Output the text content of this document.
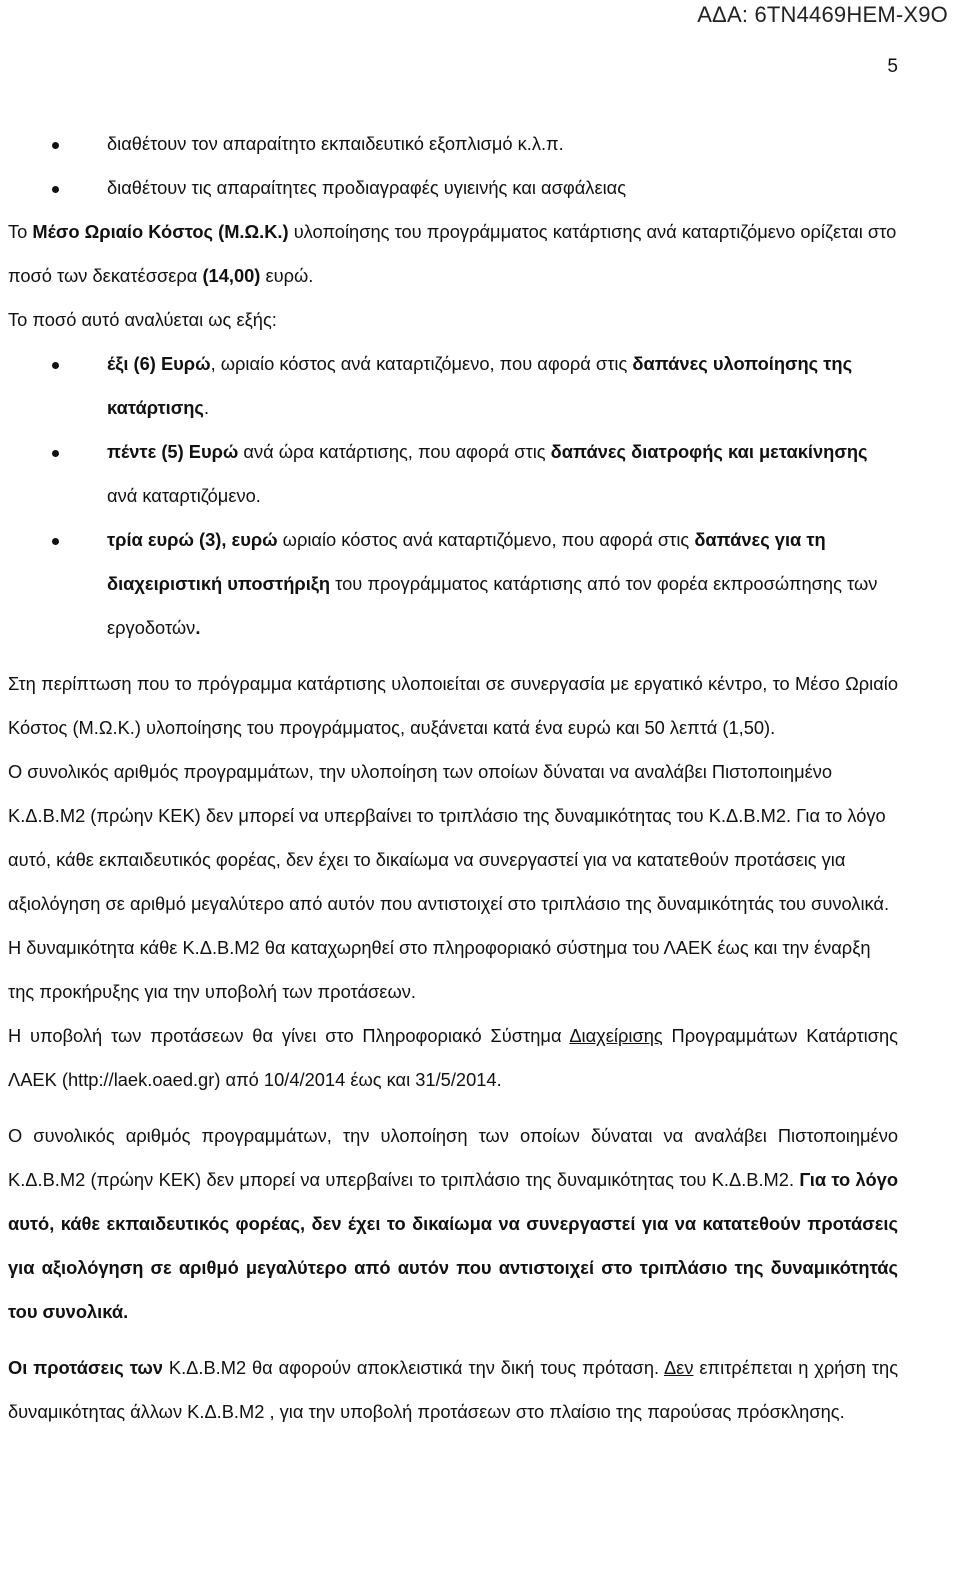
ΑΔΑ: 6ΤΝ4469ΗΕΜ-Χ9Ο
5
διαθέτουν τον απαραίτητο εκπαιδευτικό εξοπλισμό κ.λ.π.
διαθέτουν τις απαραίτητες προδιαγραφές υγιεινής και ασφάλειας

Το Μέσο Ωριαίο Κόστος (Μ.Ω.Κ.) υλοποίησης του προγράμματος κατάρτισης ανά καταρτιζόμενο ορίζεται στο ποσό των δεκατέσσερα (14,00) ευρώ.

Το ποσό αυτό αναλύεται ως εξής:

έξι (6) Ευρώ, ωριαίο κόστος ανά καταρτιζόμενο, που αφορά στις δαπάνες υλοποίησης της κατάρτισης.
πέντε (5) Ευρώ ανά ώρα κατάρτισης, που αφορά στις δαπάνες διατροφής και μετακίνησης ανά καταρτιζόμενο.
τρία ευρώ (3), ευρώ ωριαίο κόστος ανά καταρτιζόμενο, που αφορά στις δαπάνες για τη διαχειριστική υποστήριξη του προγράμματος κατάρτισης από τον φορέα εκπροσώπησης των εργοδοτών.

Στη περίπτωση που το πρόγραμμα κατάρτισης υλοποιείται σε συνεργασία με εργατικό κέντρο, το Μέσο Ωριαίο Κόστος (Μ.Ω.Κ.) υλοποίησης του προγράμματος, αυξάνεται κατά ένα ευρώ και 50 λεπτά (1,50).

Ο συνολικός αριθμός προγραμμάτων, την υλοποίηση των οποίων δύναται να αναλάβει Πιστοποιημένο Κ.Δ.Β.Μ2 (πρώην ΚΕΚ) δεν μπορεί να υπερβαίνει το τριπλάσιο της δυναμικότητας του Κ.Δ.Β.Μ2. Για το λόγο αυτό, κάθε εκπαιδευτικός φορέας, δεν έχει το δικαίωμα να συνεργαστεί για να κατατεθούν προτάσεις για αξιολόγηση σε αριθμό μεγαλύτερο από αυτόν που αντιστοιχεί στο τριπλάσιο της δυναμικότητάς του συνολικά.

Η δυναμικότητα κάθε Κ.Δ.Β.Μ2 θα καταχωρηθεί στο πληροφοριακό σύστημα του ΛΑΕΚ έως και την έναρξη της προκήρυξης για την υποβολή των προτάσεων.

Η υποβολή των προτάσεων θα γίνει στο Πληροφοριακό Σύστημα Διαχείρισης Προγραμμάτων Κατάρτισης ΛΑΕΚ (http://laek.oaed.gr) από 10/4/2014 έως και 31/5/2014.

Ο συνολικός αριθμός προγραμμάτων, την υλοποίηση των οποίων δύναται να αναλάβει Πιστοποιημένο Κ.Δ.Β.Μ2 (πρώην ΚΕΚ) δεν μπορεί να υπερβαίνει το τριπλάσιο της δυναμικότητας του Κ.Δ.Β.Μ2. Για το λόγο αυτό, κάθε εκπαιδευτικός φορέας, δεν έχει το δικαίωμα να συνεργαστεί για να κατατεθούν προτάσεις για αξιολόγηση σε αριθμό μεγαλύτερο από αυτόν που αντιστοιχεί στο τριπλάσιο της δυναμικότητάς του συνολικά.

Οι προτάσεις των Κ.Δ.Β.Μ2 θα αφορούν αποκλειστικά την δική τους πρόταση. Δεν επιτρέπεται η χρήση της δυναμικότητας άλλων Κ.Δ.Β.Μ2 , για την υποβολή προτάσεων στο πλαίσιο της παρούσας πρόσκλησης.
